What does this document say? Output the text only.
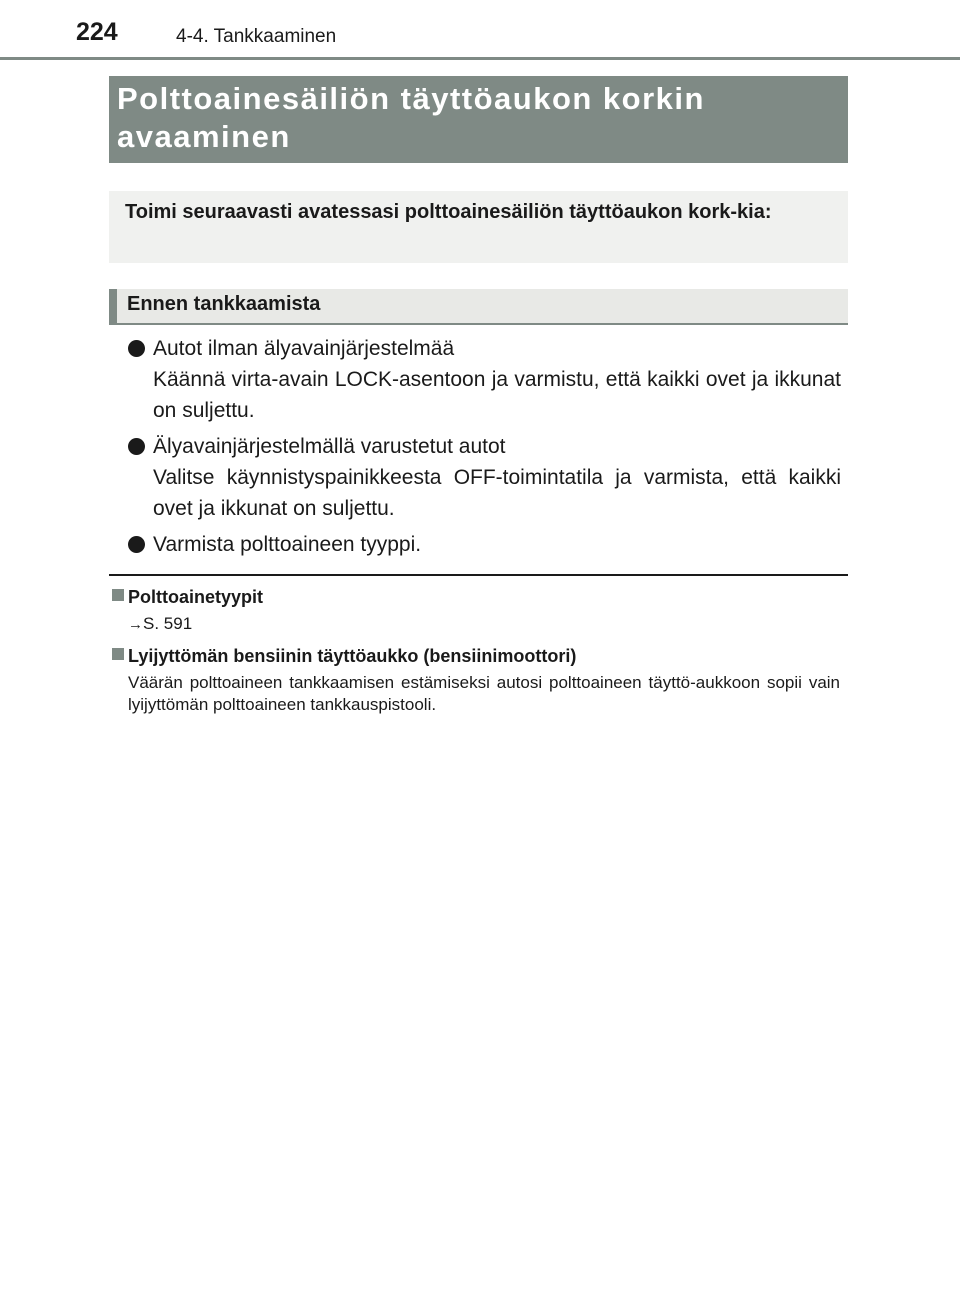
224	4-4. Tankkaaminen
Polttoainesäiliön täyttöaukon korkin avaaminen
Toimi seuraavasti avatessasi polttoainesäiliön täyttöaukon kork-kia:
Ennen tankkaamista
Autot ilman älyavainjärjestelmää
Käännä virta-avain LOCK-asentoon ja varmistu, että kaikki ovet ja ikkunat on suljettu.
Älyavainjärjestelmällä varustetut autot
Valitse käynnistyspainikkeesta OFF-toimintatila ja varmista, että kaikki ovet ja ikkunat on suljettu.
Varmista polttoaineen tyyppi.
Polttoainetyypit
→S. 591
Lyijyttömän bensiinin täyttöaukko (bensiinimoottori)
Väärän polttoaineen tankkaamisen estämiseksi autosi polttoaineen täyttö-aukkoon sopii vain lyijyttömän polttoaineen tankkauspistooli.
